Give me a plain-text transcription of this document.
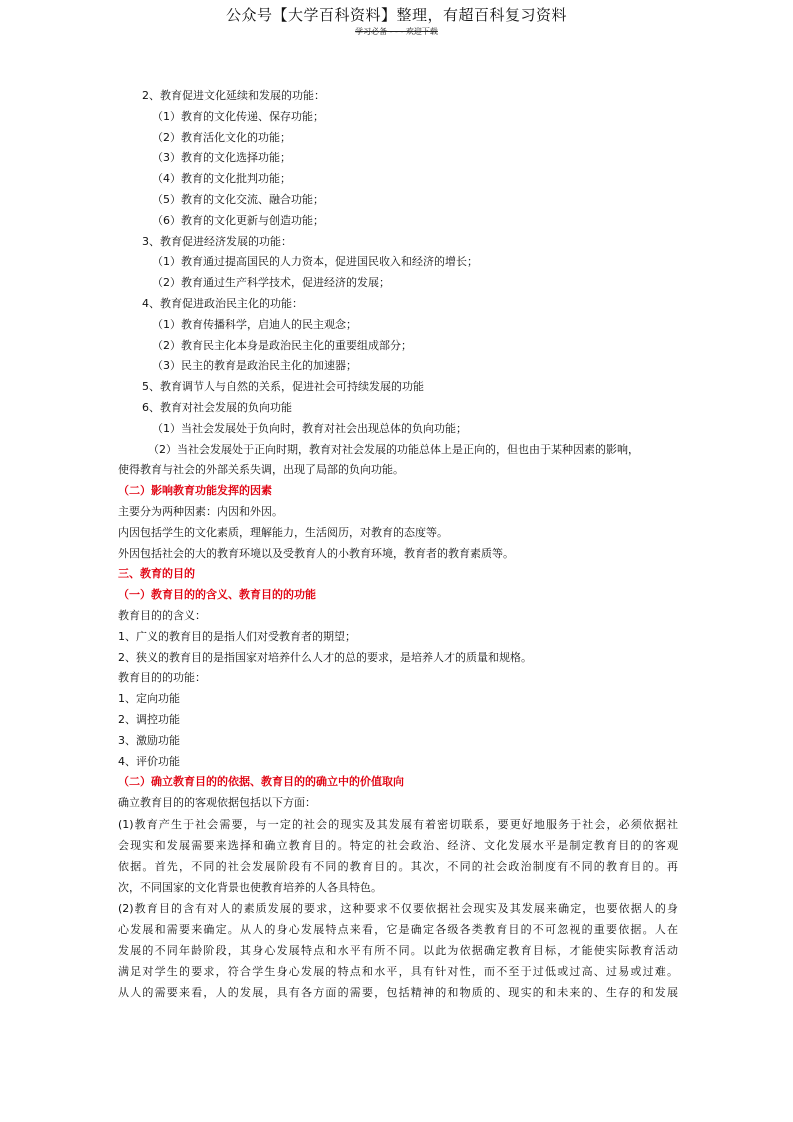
公众号【大学百科资料】整理，有超百科复习资料
学习必备 - - - 欢迎下载
2、教育促进文化延续和发展的功能：
（1）教育的文化传递、保存功能；
（2）教育活化文化的功能；
（3）教育的文化选择功能；
（4）教育的文化批判功能；
（5）教育的文化交流、融合功能；
（6）教育的文化更新与创造功能；
3、教育促进经济发展的功能：
（1）教育通过提高国民的人力资本，促进国民收入和经济的增长；
（2）教育通过生产科学技术，促进经济的发展；
4、教育促进政治民主化的功能：
（1）教育传播科学，启迪人的民主观念；
（2）教育民主化本身是政治民主化的重要组成部分；
（3）民主的教育是政治民主化的加速器；
5、教育调节人与自然的关系，促进社会可持续发展的功能
6、教育对社会发展的负向功能
（1）当社会发展处于负向时，教育对社会出现总体的负向功能；
（2）当社会发展处于正向时期，教育对社会发展的功能总体上是正向的，但也由于某种因素的影响，
使得教育与社会的外部关系失调，出现了局部的负向功能。
（二）影响教育功能发挥的因素
主要分为两种因素：内因和外因。
内因包括学生的文化素质，理解能力，生活阅历，对教育的态度等。
外因包括社会的大的教育环境以及受教育人的小教育环境，教育者的教育素质等。
三、教育的目的
（一）教育目的的含义、教育目的的功能
教育目的的含义：
1、广义的教育目的是指人们对受教育者的期望；
2、狭义的教育目的是指国家对培养什么人才的总的要求，是培养人才的质量和规格。
教育目的的功能：
1、定向功能
2、调控功能
3、激励功能
4、评价功能
（二）确立教育目的的依据、教育目的的确立中的价值取向
确立教育目的的客观依据包括以下方面：
(1)教育产生于社会需要，与一定的社会的现实及其发展有着密切联系，要更好地服务于社会，必须依据社
会现实和发展需要来选择和确立教育目的。特定的社会政治、经济、文化发展水平是制定教育目的的客观
依据。首先，不同的社会发展阶段有不同的教育目的。其次，不同的社会政治制度有不同的教育目的。再
次，不同国家的文化背景也使教育培养的人各具特色。
(2)教育目的含有对人的素质发展的要求，这种要求不仅要依据社会现实及其发展来确定，也要依据人的身
心发展和需要来确定。从人的身心发展特点来看，它是确定各级各类教育目的不可忽视的重要依据。人在
发展的不同年龄阶段，其身心发展特点和水平有所不同。以此为依据确定教育目标，才能使实际教育活动
满足对学生的要求，符合学生身心发展的特点和水平，具有针对性，而不至于过低或过高、过易或过难。
从人的需要来看，人的发展，具有各方面的需要，包括精神的和物质的、现实的和未来的、生存的和发展
